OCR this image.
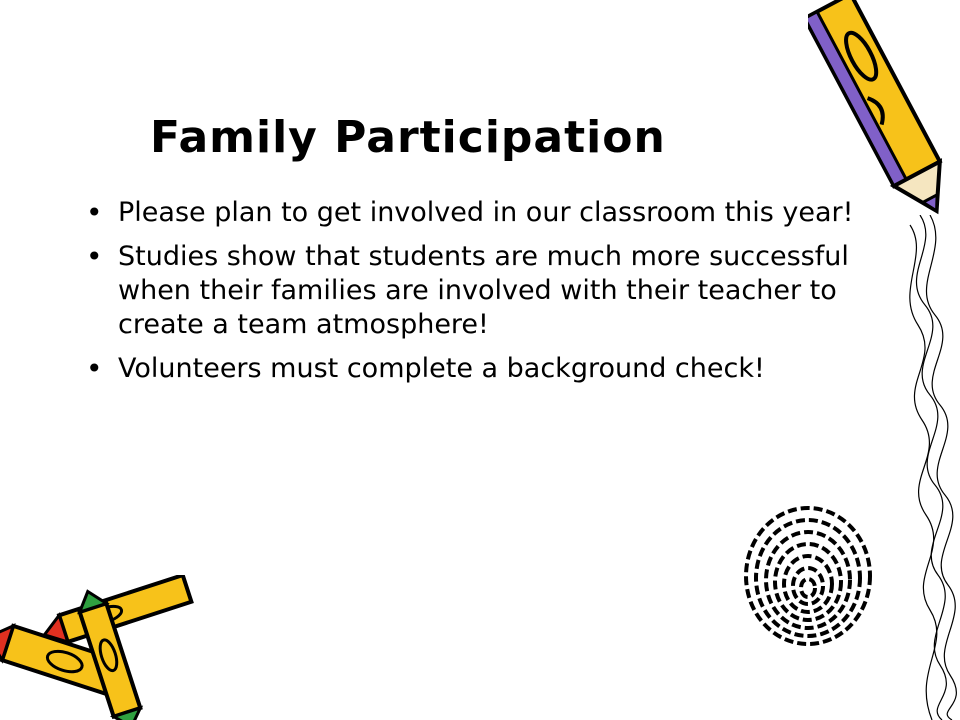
Family Participation
• Please plan to get involved in our classroom this year!
• Studies show that students are much more successful when their families are involved with their teacher to create a team atmosphere!
• Volunteers must complete a background check!
